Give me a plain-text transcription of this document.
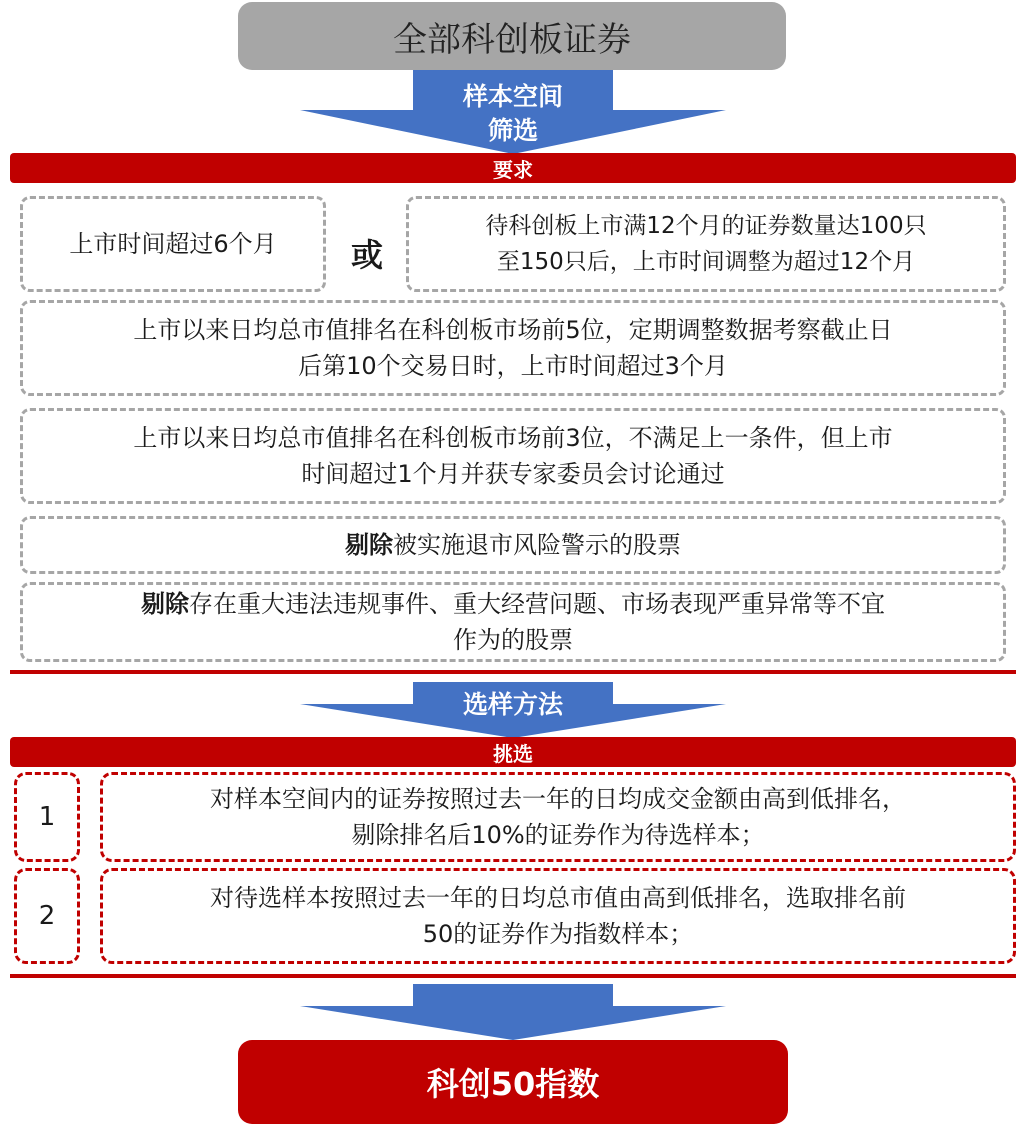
全部科创板证券
样本空间
筛选
要求
上市时间超过6个月 或
待科创板上市满12个月的证券数量达100只
至150只后，上市时间调整为超过12个月
上市以来日均总市值排名在科创板市场前5位，定期调整数据考察截止日
后第10个交易日时，上市时间超过3个月
上市以来日均总市值排名在科创板市场前3位，不满足上一条件，但上市
时间超过1个月并获专家委员会讨论通过
剔除被实施退市风险警示的股票
剔除存在重大违法违规事件、重大经营问题、市场表现严重异常等不宜
作为的股票
选样方法
挑选
1
对样本空间内的证券按照过去一年的日均成交金额由高到低排名，
剔除排名后10%的证券作为待选样本；
2
对待选样本按照过去一年的日均总市值由高到低排名，选取排名前
50的证券作为指数样本；
科创50指数
